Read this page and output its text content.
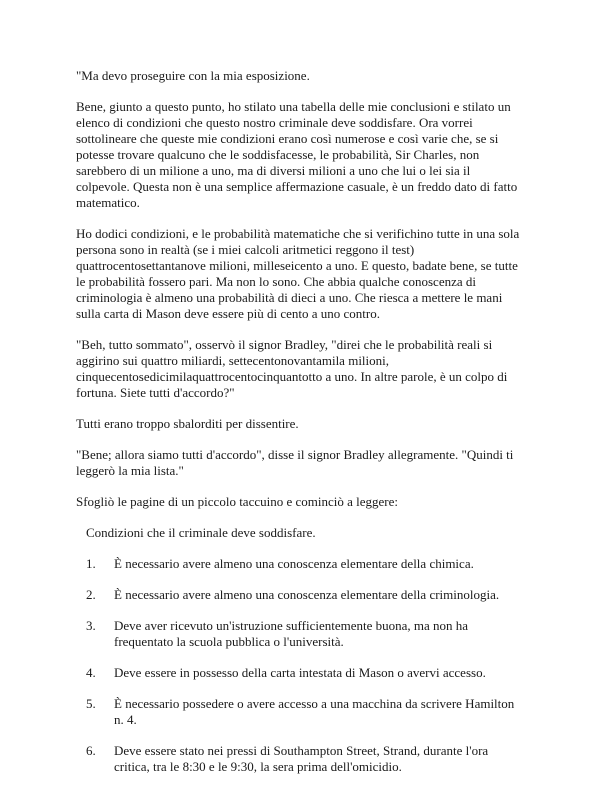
"Ma devo proseguire con la mia esposizione.

Bene, giunto a questo punto, ho stilato una tabella delle mie conclusioni e stilato un elenco di condizioni che questo nostro criminale deve soddisfare. Ora vorrei sottolineare che queste mie condizioni erano così numerose e così varie che, se si potesse trovare qualcuno che le soddisfacesse, le probabilità, Sir Charles, non sarebbero di un milione a uno, ma di diversi milioni a uno che lui o lei sia il colpevole. Questa non è una semplice affermazione casuale, è un freddo dato di fatto matematico.

Ho dodici condizioni, e le probabilità matematiche che si verifichino tutte in una sola persona sono in realtà (se i miei calcoli aritmetici reggono il test) quattrocentosettantanove milioni, milleseicento a uno. E questo, badate bene, se tutte le probabilità fossero pari. Ma non lo sono. Che abbia qualche conoscenza di criminologia è almeno una probabilità di dieci a uno. Che riesca a mettere le mani sulla carta di Mason deve essere più di cento a uno contro.

"Beh, tutto sommato", osservò il signor Bradley, "direi che le probabilità reali si aggirino sui quattro miliardi, settecentonovantamila milioni, cinquecentosedicimilaquattrocentocinquantotto a uno. In altre parole, è un colpo di fortuna. Siete tutti d'accordo?"

Tutti erano troppo sbalorditi per dissentire.

"Bene; allora siamo tutti d'accordo", disse il signor Bradley allegramente. "Quindi ti leggerò la mia lista."

Sfogliò le pagine di un piccolo taccuino e cominciò a leggere:

Condizioni che il criminale deve soddisfare.

1.	È necessario avere almeno una conoscenza elementare della chimica.
2.	È necessario avere almeno una conoscenza elementare della criminologia.
3.	Deve aver ricevuto un'istruzione sufficientemente buona, ma non ha frequentato la scuola pubblica o l'università.
4.	Deve essere in possesso della carta intestata di Mason o avervi accesso.
5.	È necessario possedere o avere accesso a una macchina da scrivere Hamilton n. 4.
6.	Deve essere stato nei pressi di Southampton Street, Strand, durante l'ora critica, tra le 8:30 e le 9:30, la sera prima dell'omicidio.
